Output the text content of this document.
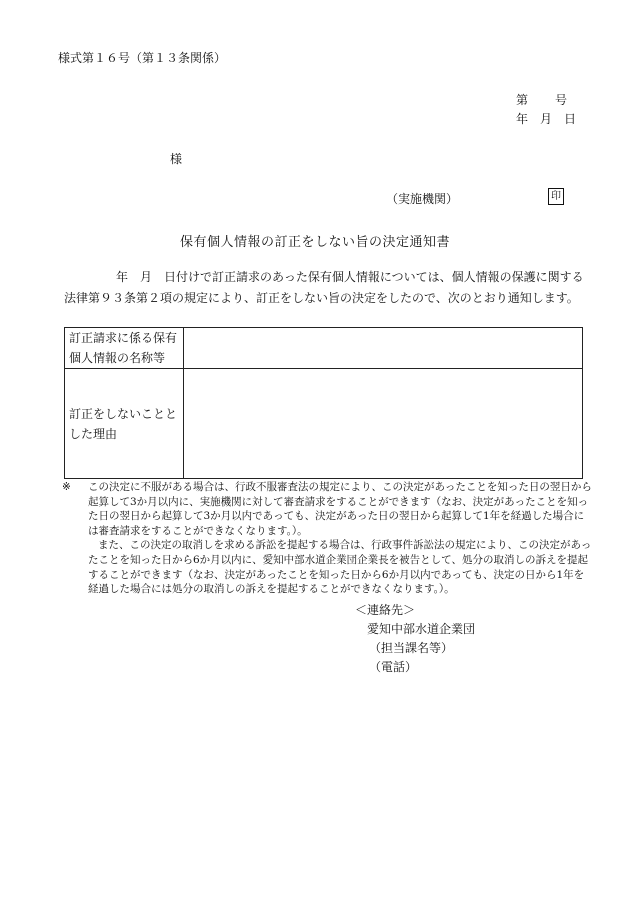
様式第１６号（第１３条関係）
第　　号
年　月　日
様
（実施機関）	印
保有個人情報の訂正をしない旨の決定通知書
年　月　日付けで訂正請求のあった保有個人情報については、個人情報の保護に関する
法律第９３条第２項の規定により、訂正をしない旨の決定をしたので、次のとおり通知します。
訂正請求に係る保有個人情報の名称等	
訂正をしないこととした理由	
※ この決定に不服がある場合は、行政不服審査法の規定により、この決定があったことを知った日の翌日から起算して3か月以内に、実施機関に対して審査請求をすることができます（なお、決定があったことを知った日の翌日から起算して3か月以内であっても、決定があった日の翌日から起算して1年を経過した場合には審査請求をすることができなくなります。）。
また、この決定の取消しを求める訴訟を提起する場合は、行政事件訴訟法の規定により、この決定があったことを知った日から6か月以内に、愛知中部水道企業団企業長を被告として、処分の取消しの訴えを提起することができます（なお、決定があったことを知った日から6か月以内であっても、決定の日から1年を経過した場合には処分の取消しの訴えを提起することができなくなります。）。
＜連絡先＞
愛知中部水道企業団
（担当課名等）
（電話）
